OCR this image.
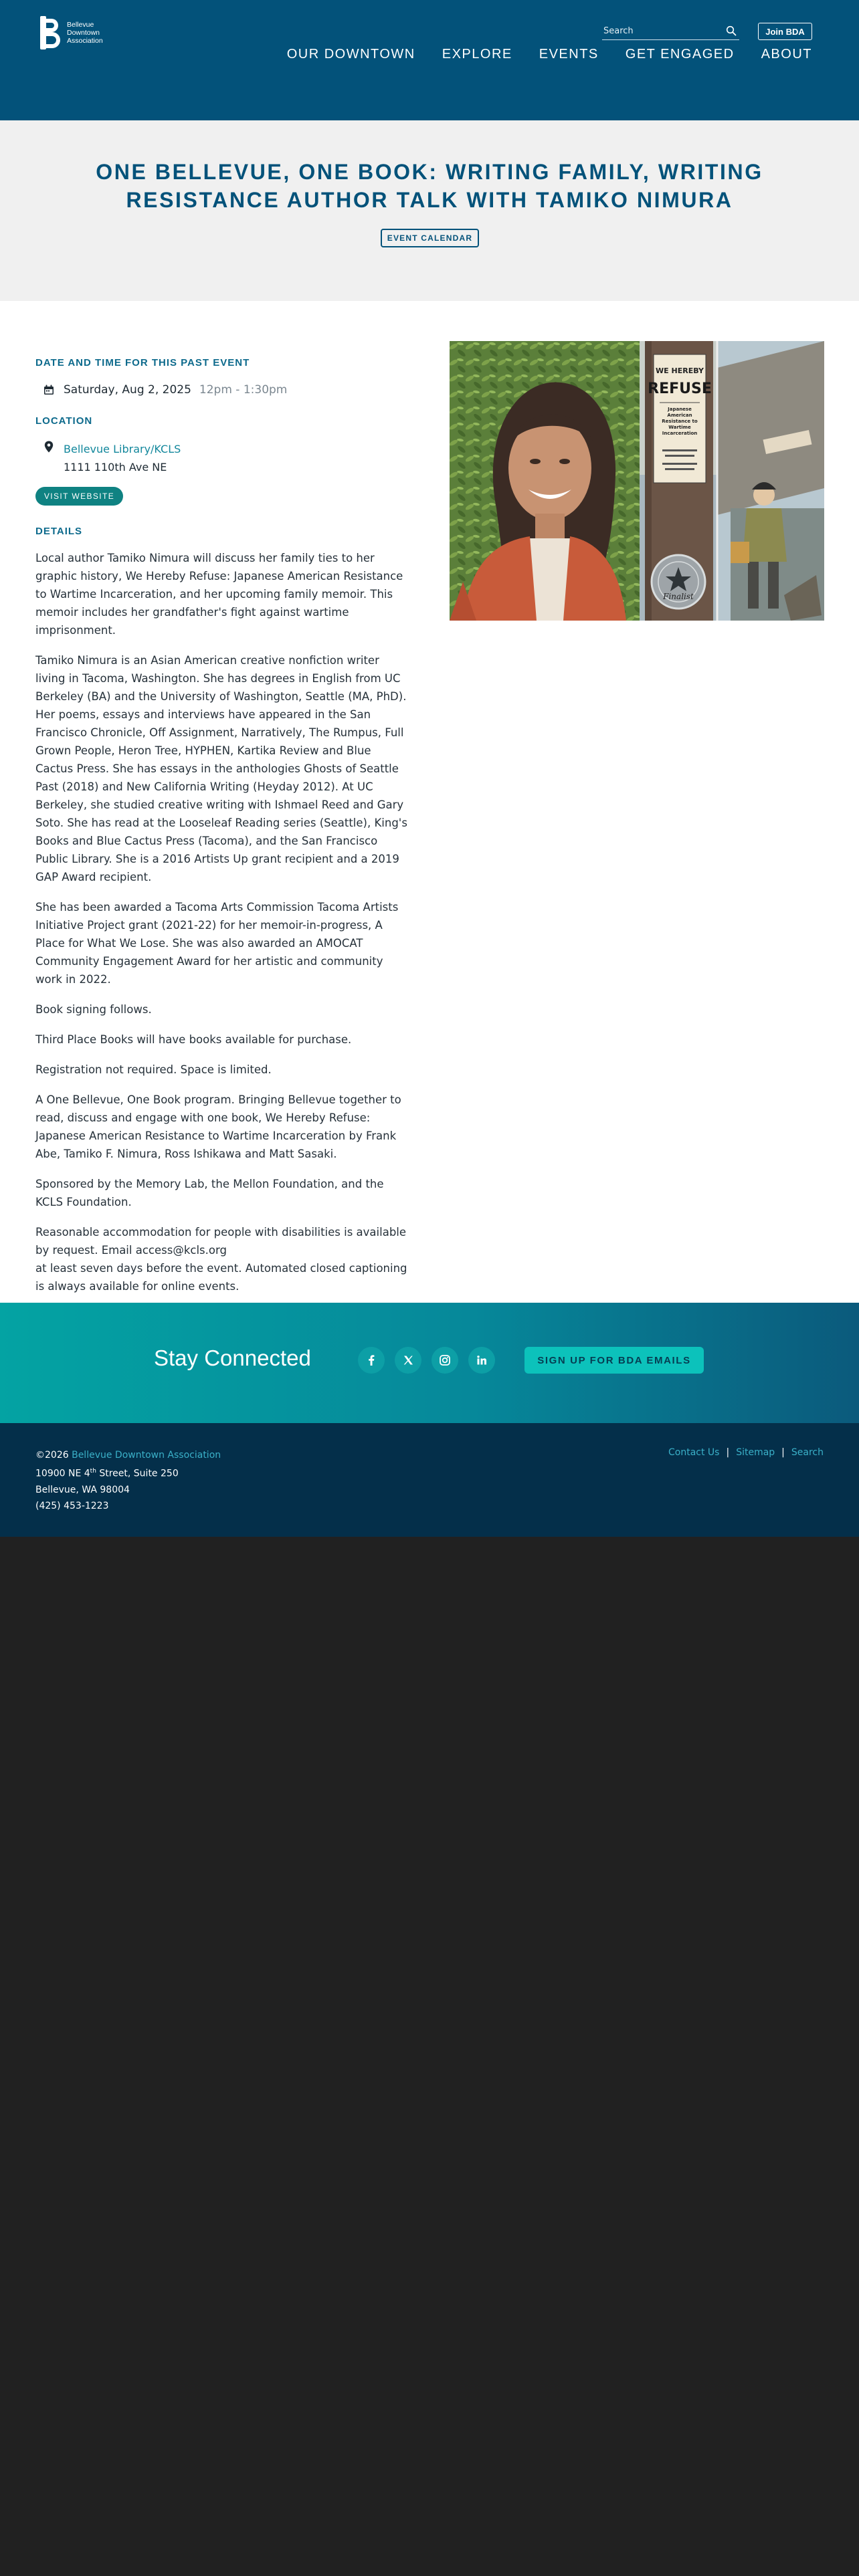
Bellevue
Downtown
Association
Search
Join BDA
OUR DOWNTOWN EXPLORE EVENTS GET ENGAGED ABOUT
ONE BELLEVUE, ONE BOOK: WRITING FAMILY, WRITING RESISTANCE AUTHOR TALK WITH TAMIKO NIMURA
EVENT CALENDAR
DATE AND TIME FOR THIS PAST EVENT
Saturday, Aug 2, 2025 12pm - 1:30pm
LOCATION
Bellevue Library/KCLS
1111 110th Ave NE
VISIT WEBSITE
DETAILS

Local author Tamiko Nimura will discuss her family ties to her graphic history, We Hereby Refuse: Japanese American Resistance to Wartime Incarceration, and her upcoming family memoir. This memoir includes her grandfather's fight against wartime imprisonment.

Tamiko Nimura is an Asian American creative nonfiction writer living in Tacoma, Washington. She has degrees in English from UC Berkeley (BA) and the University of Washington, Seattle (MA, PhD). Her poems, essays and interviews have appeared in the San Francisco Chronicle, Off Assignment, Narratively, The Rumpus, Full Grown People, Heron Tree, HYPHEN, Kartika Review and Blue Cactus Press. She has essays in the anthologies Ghosts of Seattle Past (2018) and New California Writing (Heyday 2012). At UC Berkeley, she studied creative writing with Ishmael Reed and Gary Soto. She has read at the Looseleaf Reading series (Seattle), King's Books and Blue Cactus Press (Tacoma), and the San Francisco Public Library. She is a 2016 Artists Up grant recipient and a 2019 GAP Award recipient.

She has been awarded a Tacoma Arts Commission Tacoma Artists Initiative Project grant (2021-22) for her memoir-in-progress, A Place for What We Lose. She was also awarded an AMOCAT Community Engagement Award for her artistic and community work in 2022.

Book signing follows.

Third Place Books will have books available for purchase.

Registration not required. Space is limited.

A One Bellevue, One Book program. Bringing Bellevue together to read, discuss and engage with one book, We Hereby Refuse: Japanese American Resistance to Wartime Incarceration by Frank Abe, Tamiko F. Nimura, Ross Ishikawa and Matt Sasaki.

Sponsored by the Memory Lab, the Mellon Foundation, and the KCLS Foundation.

Reasonable accommodation for people with disabilities is available by request. Email access@kcls.org
at least seven days before the event. Automated closed captioning is always available for online events.

WE HEREBY
REFUSE
Japanese American Resistance to Wartime Incarceration
Finalist
Stay Connected	SIGN UP FOR BDA EMAILS
©2026 Bellevue Downtown Association
10900 NE 4th Street, Suite 250
Bellevue, WA 98004
(425) 453-1223
Contact Us | Sitemap | Search
